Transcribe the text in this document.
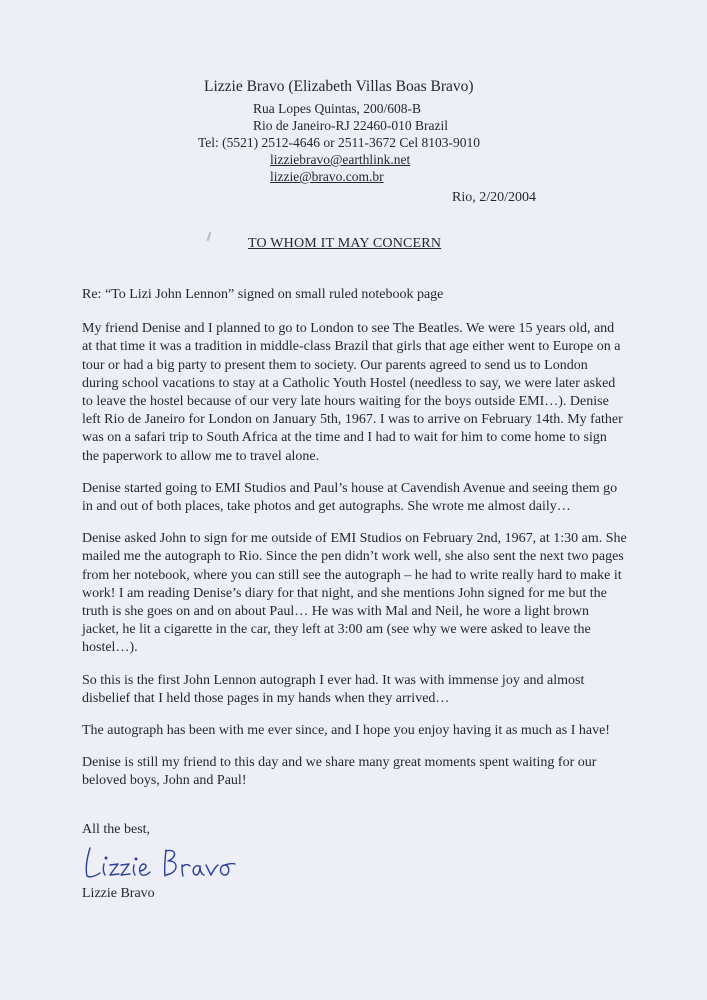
Lizzie Bravo (Elizabeth Villas Boas Bravo)
Rua Lopes Quintas, 200/608-B
Rio de Janeiro-RJ 22460-010 Brazil
Tel: (5521) 2512-4646 or 2511-3672 Cel 8103-9010
lizziebravo@earthlink.net
lizzie@bravo.com.br
Rio, 2/20/2004
TO WHOM IT MAY CONCERN

Re: “To Lizi John Lennon” signed on small ruled notebook page

My friend Denise and I planned to go to London to see The Beatles. We were 15 years old, and at that time it was a tradition in middle-class Brazil that girls that age either went to Europe on a tour or had a big party to present them to society. Our parents agreed to send us to London during school vacations to stay at a Catholic Youth Hostel (needless to say, we were later asked to leave the hostel because of our very late hours waiting for the boys outside EMI…). Denise left Rio de Janeiro for London on January 5th, 1967. I was to arrive on February 14th. My father was on a safari trip to South Africa at the time and I had to wait for him to come home to sign the paperwork to allow me to travel alone.

Denise started going to EMI Studios and Paul’s house at Cavendish Avenue and seeing them go in and out of both places, take photos and get autographs. She wrote me almost daily…

Denise asked John to sign for me outside of EMI Studios on February 2nd, 1967, at 1:30 am. She mailed me the autograph to Rio. Since the pen didn’t work well, she also sent the next two pages from her notebook, where you can still see the autograph – he had to write really hard to make it work! I am reading Denise’s diary for that night, and she mentions John signed for me but the truth is she goes on and on about Paul… He was with Mal and Neil, he wore a light brown jacket, he lit a cigarette in the car, they left at 3:00 am (see why we were asked to leave the hostel…).

So this is the first John Lennon autograph I ever had. It was with immense joy and almost disbelief that I held those pages in my hands when they arrived…

The autograph has been with me ever since, and I hope you enjoy having it as much as I have!

Denise is still my friend to this day and we share many great moments spent waiting for our beloved boys, John and Paul!

All the best,
Lizzie Bravo
